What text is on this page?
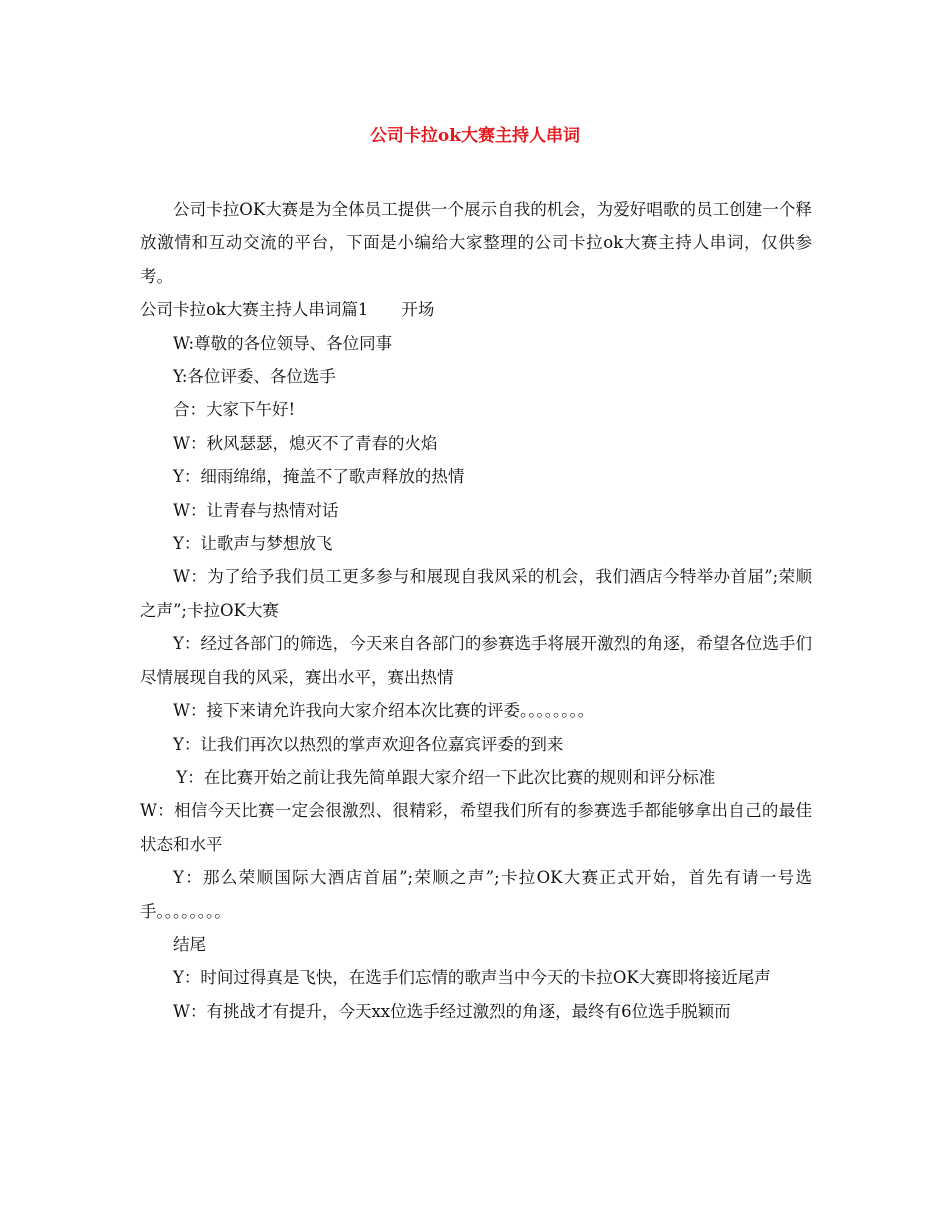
公司卡拉ok大赛主持人串词

公司卡拉OK大赛是为全体员工提供一个展示自我的机会，为爱好唱歌的员工创建一个释放激情和互动交流的平台，下面是小编给大家整理的公司卡拉ok大赛主持人串词，仅供参考。

公司卡拉ok大赛主持人串词篇1　　开场

W:尊敬的各位领导、各位同事

Y:各位评委、各位选手

合：大家下午好!

W：秋风瑟瑟，熄灭不了青春的火焰

Y：细雨绵绵，掩盖不了歌声释放的热情

W：让青春与热情对话

Y：让歌声与梦想放飞

W：为了给予我们员工更多参与和展现自我风采的机会，我们酒店今特举办首届”;荣顺之声”;卡拉OK大赛

Y：经过各部门的筛选，今天来自各部门的参赛选手将展开激烈的角逐，希望各位选手们尽情展现自我的风采，赛出水平，赛出热情

W：接下来请允许我向大家介绍本次比赛的评委。。。。。。。。

Y：让我们再次以热烈的掌声欢迎各位嘉宾评委的到来

Y：在比赛开始之前让我先简单跟大家介绍一下此次比赛的规则和评分标准

W：相信今天比赛一定会很激烈、很精彩，希望我们所有的参赛选手都能够拿出自己的最佳状态和水平

Y：那么荣顺国际大酒店首届”;荣顺之声”;卡拉OK大赛正式开始，首先有请一号选手。。。。。。。。

结尾

Y：时间过得真是飞快，在选手们忘情的歌声当中今天的卡拉OK大赛即将接近尾声

W：有挑战才有提升，今天xx位选手经过激烈的角逐，最终有6位选手脱颖而
